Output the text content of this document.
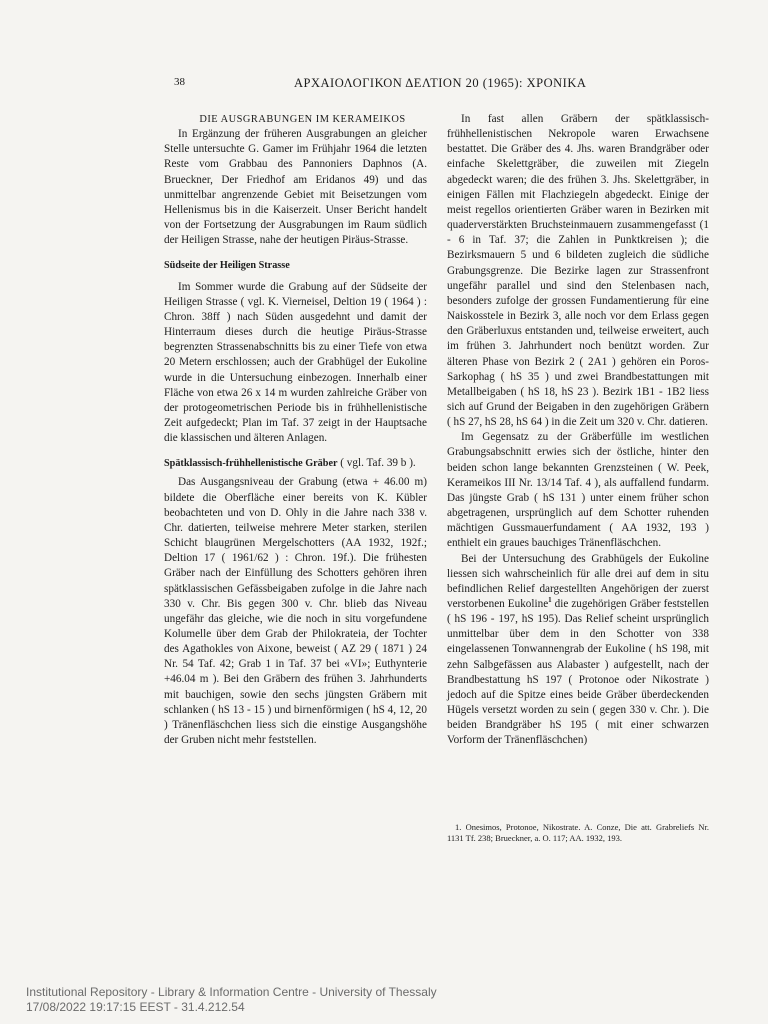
38	ΑΡΧΑΙΟΛΟΓΙΚΟΝ ΔΕΛΤΙΟΝ 20 (1965): ΧΡΟΝΙΚΑ

DIE AUSGRABUNGEN IM KERAMEIKOS

In Ergänzung der früheren Ausgrabungen an gleicher Stelle untersuchte G. Gamer im Frühjahr 1964 die letzten Reste vom Grabbau des Pannoniers Daphnos (A. Brueckner, Der Friedhof am Eridanos 49) und das unmittelbar angrenzende Gebiet mit Beisetzungen vom Hellenismus bis in die Kaiserzeit. Unser Bericht handelt von der Fortsetzung der Ausgrabungen im Raum südlich der Heiligen Strasse, nahe der heutigen Piräus-Strasse.

Südseite der Heiligen Strasse

Im Sommer wurde die Grabung auf der Südseite der Heiligen Strasse ( vgl. K. Vierneisel, Deltion 19 ( 1964 ) : Chron. 38ff ) nach Süden ausgedehnt und damit der Hinterraum dieses durch die heutige Piräus-Strasse begrenzten Strassenabschnitts bis zu einer Tiefe von etwa 20 Metern erschlossen; auch der Grabhügel der Eukoline wurde in die Untersuchung einbezogen. Innerhalb einer Fläche von etwa 26 x 14 m wurden zahlreiche Gräber von der protogeometrischen Periode bis in frühhellenistische Zeit aufgedeckt; Plan im Taf. 37 zeigt in der Hauptsache die klassischen und älteren Anlagen.

Spätklassisch-frühhellenistische Gräber ( vgl. Taf. 39 b ).

Das Ausgangsniveau der Grabung (etwa + 46.00 m) bildete die Oberfläche einer bereits von K. Kübler beobachteten und von D. Ohly in die Jahre nach 338 v. Chr. datierten, teilweise mehrere Meter starken, sterilen Schicht blaugrünen Mergelschotters (AA 1932, 192f.; Deltion 17 ( 1961/62 ) : Chron. 19f.). Die frühesten Gräber nach der Einfüllung des Schotters gehören ihren spätklassischen Gefässbeigaben zufolge in die Jahre nach 330 v. Chr. Bis gegen 300 v. Chr. blieb das Niveau ungefähr das gleiche, wie die noch in situ vorgefundene Kolumelle über dem Grab der Philokrateia, der Tochter des Agathokles von Aixone, beweist ( AZ 29 ( 1871 ) 24 Nr. 54 Taf. 42; Grab 1 in Taf. 37 bei «VI»; Euthynterie +46.04 m ). Bei den Gräbern des frühen 3. Jahrhunderts mit bauchigen, sowie den sechs jüngsten Gräbern mit schlanken ( hS 13 - 15 ) und birnenförmigen ( hS 4, 12, 20 ) Tränenfläschchen liess sich die einstige Ausgangshöhe der Gruben nicht mehr feststellen.

In fast allen Gräbern der spätklassisch-frühhellenistischen Nekropole waren Erwachsene bestattet. Die Gräber des 4. Jhs. waren Brandgräber oder einfache Skelettgräber, die zuweilen mit Ziegeln abgedeckt waren; die des frühen 3. Jhs. Skelettgräber, in einigen Fällen mit Flachziegeln abgedeckt. Einige der meist regellos orientierten Gräber waren in Bezirken mit quaderverstärkten Bruchsteinmauern zusammengefasst (1 - 6 in Taf. 37; die Zahlen in Punktkreisen ); die Bezirksmauern 5 und 6 bildeten zugleich die südliche Grabungsgrenze. Die Bezirke lagen zur Strassenfront ungefähr parallel und sind den Stelenbasen nach, besonders zufolge der grossen Fundamentierung für eine Naiskosstele in Bezirk 3, alle noch vor dem Erlass gegen den Gräberluxus entstanden und, teilweise erweitert, auch im frühen 3. Jahrhundert noch benützt worden. Zur älteren Phase von Bezirk 2 ( 2A1 ) gehören ein Poros-Sarkophag ( hS 35 ) und zwei Brandbestattungen mit Metallbeigaben ( hS 18, hS 23 ). Bezirk 1B1 - 1B2 liess sich auf Grund der Beigaben in den zugehörigen Gräbern ( hS 27, hS 28, hS 64 ) in die Zeit um 320 v. Chr. datieren.

Im Gegensatz zu der Gräberfülle im westlichen Grabungsabschnitt erwies sich der östliche, hinter den beiden schon lange bekannten Grenzsteinen ( W. Peek, Kerameikos III Nr. 13/14 Taf. 4 ), als auffallend fundarm. Das jüngste Grab ( hS 131 ) unter einem früher schon abgetragenen, ursprünglich auf dem Schotter ruhenden mächtigen Gussmauerfundament ( AA 1932, 193 ) enthielt ein graues bauchiges Tränenfläschchen.

Bei der Untersuchung des Grabhügels der Eukoline liessen sich wahrscheinlich für alle drei auf dem in situ befindlichen Relief dargestellten Angehörigen der zuerst verstorbenen Eukoline$^1$ die zugehörigen Gräber feststellen ( hS 196 - 197, hS 195). Das Relief scheint ursprünglich unmittelbar über dem in den Schotter von 338 eingelassenen Tonwannengrab der Eukoline ( hS 198, mit zehn Salbgefässen aus Alabaster ) aufgestellt, nach der Brandbestattung hS 197 ( Protonoe oder Nikostrate ) jedoch auf die Spitze eines beide Gräber überdeckenden Hügels versetzt worden zu sein ( gegen 330 v. Chr. ). Die beiden Brandgräber hS 195 ( mit einer schwarzen Vorform der Tränenfläschchen)

1. Onesimos, Protonoe, Nikostrate. A. Conze, Die att. Grabreliefs Nr. 1131 Tf. 238; Brueckner, a. O. 117; AA. 1932, 193.
Institutional Repository - Library & Information Centre - University of Thessaly
17/08/2022 19:17:15 EEST - 31.4.212.54
